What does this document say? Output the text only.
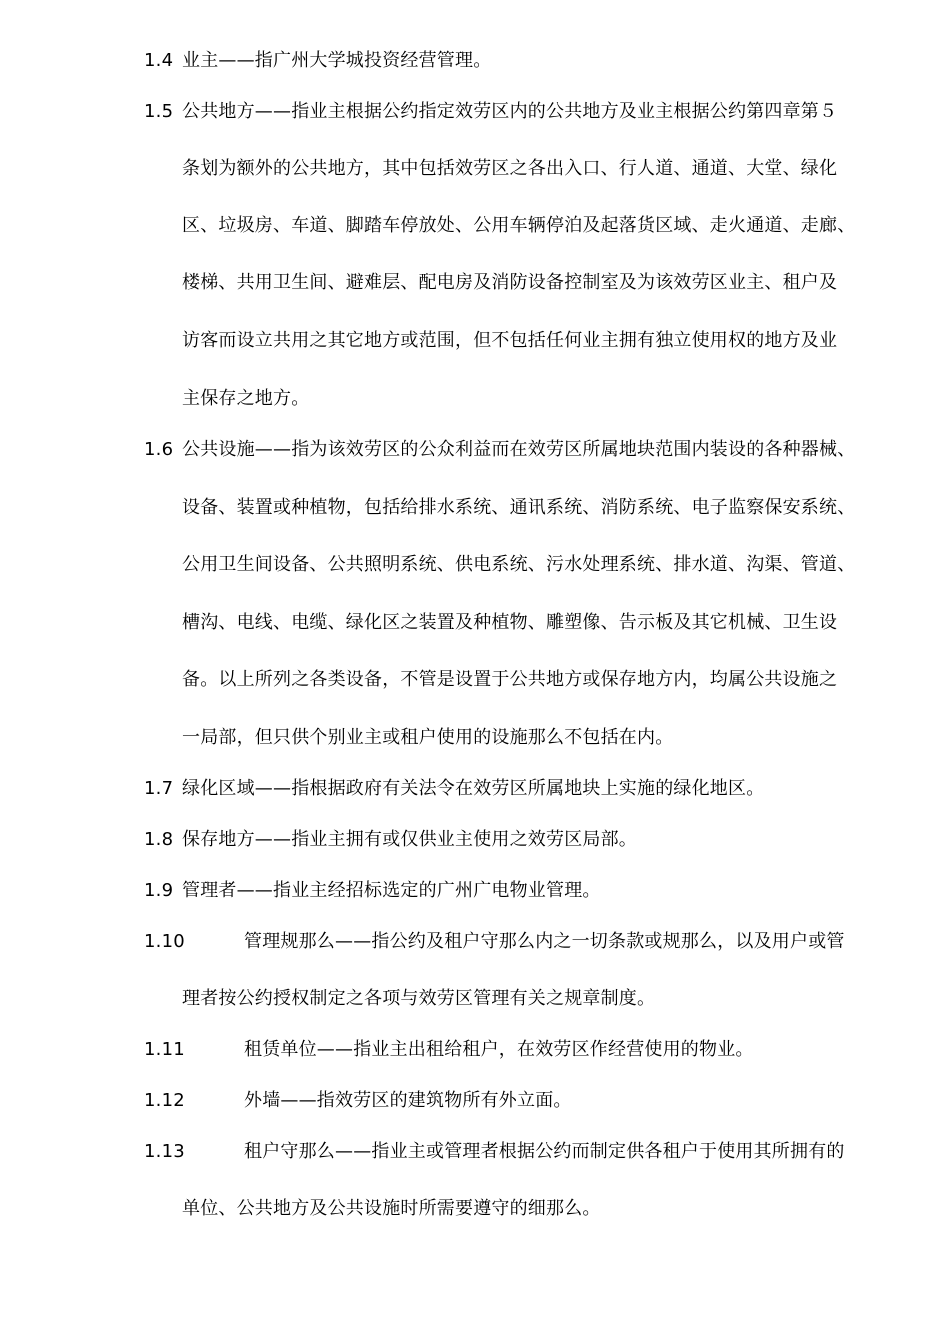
1.4 业主——指广州大学城投资经营管理。
1.5 公共地方——指业主根据公约指定效劳区内的公共地方及业主根据公约第四章第５
条划为额外的公共地方，其中包括效劳区之各出入口、行人道、通道、大堂、绿化
区、垃圾房、车道、脚踏车停放处、公用车辆停泊及起落货区域、走火通道、走廊、
楼梯、共用卫生间、避难层、配电房及消防设备控制室及为该效劳区业主、租户及
访客而设立共用之其它地方或范围，但不包括任何业主拥有独立使用权的地方及业
主保存之地方。
1.6 公共设施——指为该效劳区的公众利益而在效劳区所属地块范围内装设的各种器械、
设备、装置或种植物，包括给排水系统、通讯系统、消防系统、电子监察保安系统、
公用卫生间设备、公共照明系统、供电系统、污水处理系统、排水道、沟渠、管道、
槽沟、电线、电缆、绿化区之装置及种植物、雕塑像、告示板及其它机械、卫生设
备。以上所列之各类设备，不管是设置于公共地方或保存地方内，均属公共设施之
一局部，但只供个别业主或租户使用的设施那么不包括在内。
1.7 绿化区域——指根据政府有关法令在效劳区所属地块上实施的绿化地区。
1.8 保存地方——指业主拥有或仅供业主使用之效劳区局部。
1.9 管理者——指业主经招标选定的广州广电物业管理。
1.10	管理规那么——指公约及租户守那么内之一切条款或规那么，以及用户或管
理者按公约授权制定之各项与效劳区管理有关之规章制度。
1.11	租赁单位——指业主出租给租户，在效劳区作经营使用的物业。
1.12	外墙——指效劳区的建筑物所有外立面。
1.13	租户守那么——指业主或管理者根据公约而制定供各租户于使用其所拥有的
单位、公共地方及公共设施时所需要遵守的细那么。
